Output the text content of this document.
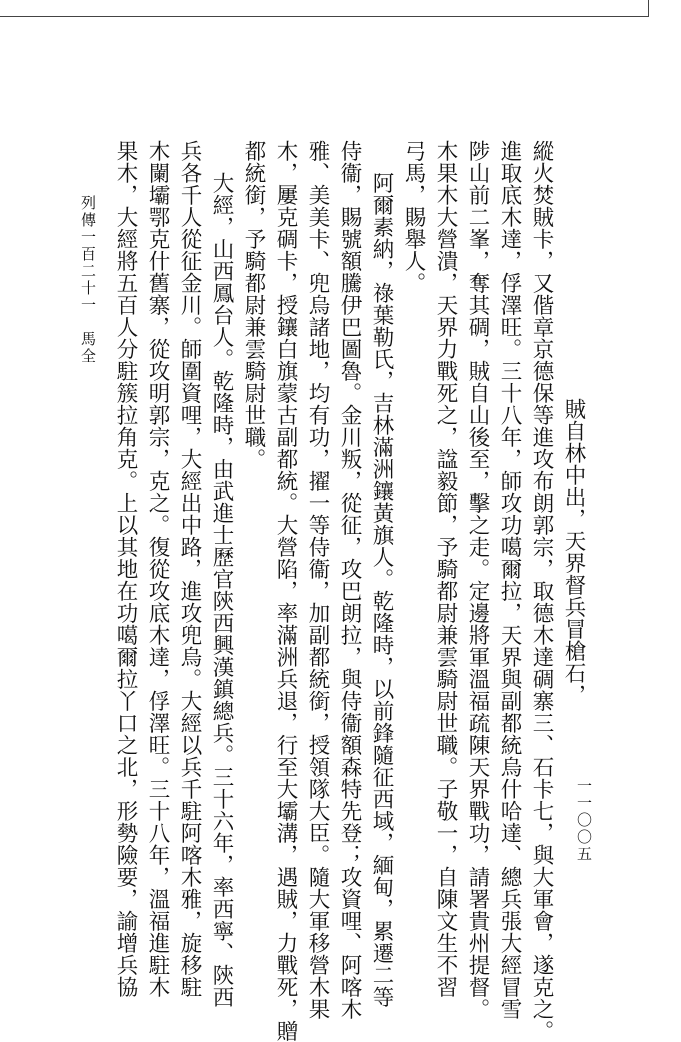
賊自林中出，天界督兵冒槍石，
縱火焚賊卡，又偕章京德保等進攻布朗郭宗，取德木達碉寨三、石卡七，與大軍會，遂克之。
進取底木達，俘澤旺。三十八年，師攻功噶爾拉，天界與副都統烏什哈達、總兵張大經冒雪
陟山前二峯，奪其碉，賊自山後至，擊之走。定邊將軍溫福疏陳天界戰功，請署貴州提督。
木果木大營潰，天界力戰死之，諡毅節，予騎都尉兼雲騎尉世職。子敬一，自陳文生不習
弓馬，賜舉人。
阿爾素納，祿葉勒氏，吉林滿洲鑲黃旗人。乾隆時，以前鋒隨征西域，緬甸，累遷二等
侍衞，賜號額騰伊巴圖魯。金川叛，從征，攻巴朗拉，與侍衞額森特先登；攻資哩、阿喀木
雅、美美卡、兜烏諸地，均有功，擢一等侍衞，加副都統銜，授領隊大臣。隨大軍移營木果
木，屢克碉卡，授鑲白旗蒙古副都統。大營陷，率滿洲兵退，行至大壩溝，遇賊，力戰死，贈
都統銜，予騎都尉兼雲騎尉世職。
大經，山西鳳台人。乾隆時，由武進士歷官陝西興漢鎮總兵。三十六年，率西寧、陝西
兵各千人從征金川。師圍資哩，大經出中路，進攻兜烏。大經以兵千駐阿喀木雅，旋移駐
木闌壩鄂克什舊寨，從攻明郭宗，克之。復從攻底木達，俘澤旺。三十八年，溫福進駐木
果木，大經將五百人分駐簇拉角克。上以其地在功噶爾拉丫口之北，形勢險要，諭增兵協
列傳一百二十一　馬全
一一〇〇五
